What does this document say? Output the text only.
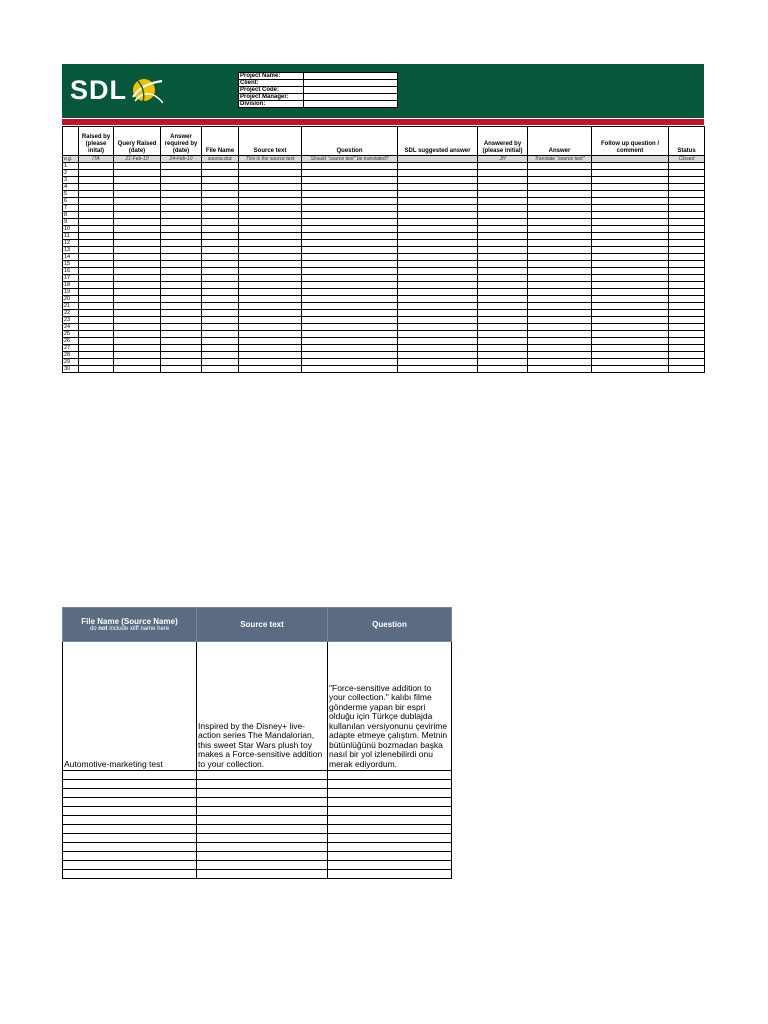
SDL	Project Name:	
Client:	
Project Code:	
Project Manager:	
Division:	
	Raised by (please inital)	Query Raised (date)	Answer required by (date)	File Name	Source text	Question	SDL suggested answer	Answered by (please initial)	Answer	Follow up question / comment	Status
e.g.	ITA	21-Feb-10	24-Feb-10	source.doc	This is the source text	Should "source text" be translated?		JH	Translate "source text"		Closed
1											
2											
3											
4											
5											
6											
7											
8											
9											
10											
11											
12											
13											
14											
15											
16											
17											
18											
19											
20											
21											
22											
23											
24											
25											
26											
27											
28											
29											
30											
File Name (Source Name)
do not include xliff name here	Source text	Question
Automotive-marketing test	Inspired by the Disney+ live-action series The Mandalorian, this sweet Star Wars plush toy makes a Force-sensitive addition to your collection.	"Force-sensitive addition to your collection." kalıbı filme gönderme yapan bir espri olduğu için Türkçe dublajda kullanılan versiyonunu çevirime adapte etmeye çalıştım. Metnin bütünlüğünü bozmadan başka nasıl bir yol izlenebilirdi onu merak ediyordum.
